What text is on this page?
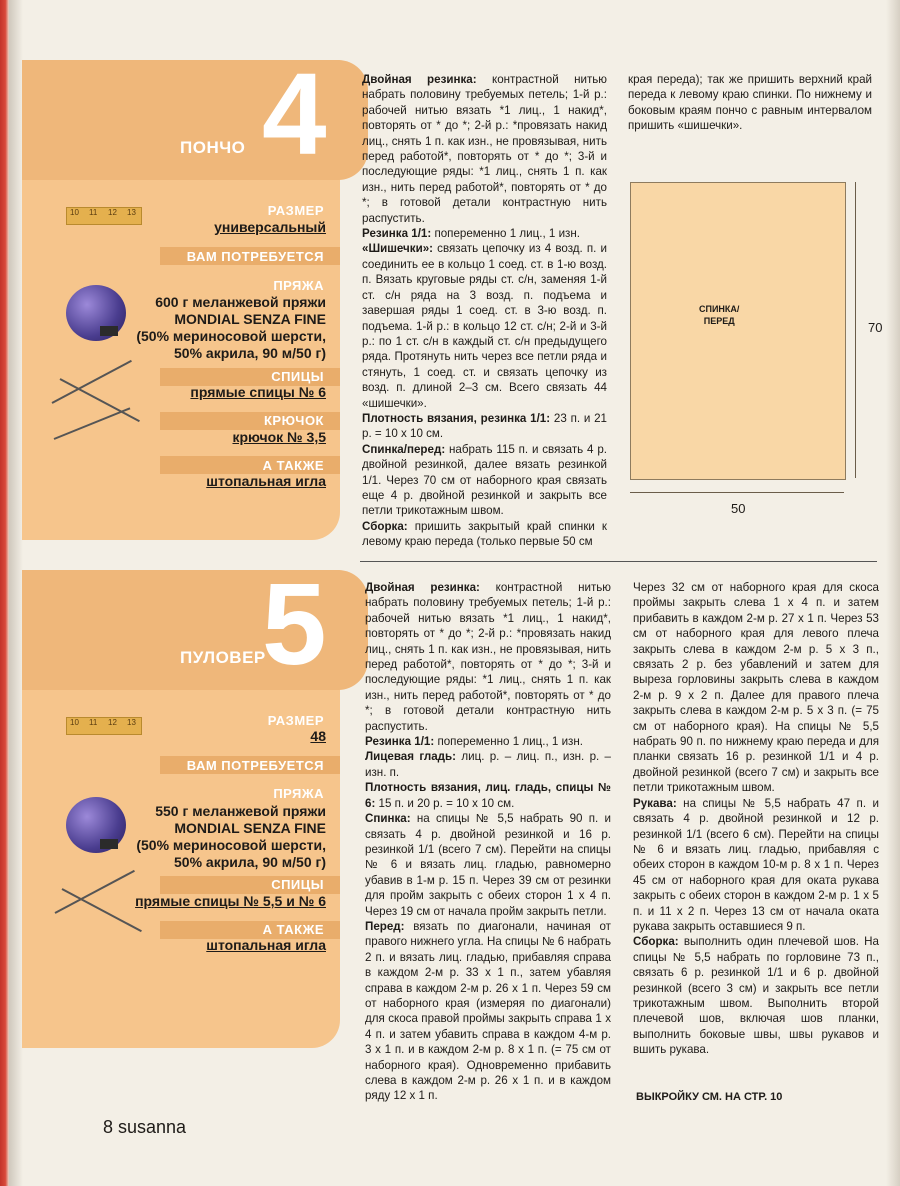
ПОНЧО 4
10 11 12 13	РАЗМЕР
универсальный
ВАМ ПОТРЕБУЕТСЯ
ПРЯЖА
600 г меланжевой пряжи
MONDIAL SENZA FINE
(50% мериносовой шерсти,
50% акрила, 90 м/50 г)
СПИЦЫ
прямые спицы № 6
КРЮЧОК
крючок № 3,5
А ТАКЖЕ
штопальная игла

Двойная резинка: контрастной нитью набрать половину требуемых петель; 1-й р.: рабочей нитью вязать *1 лиц., 1 накид*, повторять от * до *; 2-й р.: *провязать накид лиц., снять 1 п. как изн., не провязывая, нить перед работой*, повторять от * до *; 3-й и последующие ряды: *1 лиц., снять 1 п. как изн., нить перед работой*, повторять от * до *; в готовой детали контрастную нить распустить.

Резинка 1/1: попеременно 1 лиц., 1 изн.

«Шишечки»: связать цепочку из 4 возд. п. и соединить ее в кольцо 1 соед. ст. в 1-ю возд. п. Вязать круговые ряды ст. с/н, заменяя 1-й ст. с/н ряда на 3 возд. п. подъема и завершая ряды 1 соед. ст. в 3-ю возд. п. подъема. 1-й р.: в кольцо 12 ст. с/н; 2-й и 3-й р.: по 1 ст. с/н в каждый ст. с/н предыдущего ряда. Протянуть нить через все петли ряда и стянуть, 1 соед. ст. и связать цепочку из возд. п. длиной 2–3 см. Всего связать 44 «шишечки».

Плотность вязания, резинка 1/1: 23 п. и 21 р. = 10 х 10 см.

Спинка/перед: набрать 115 п. и связать 4 р. двойной резинкой, далее вязать резинкой 1/1. Через 70 см от наборного края связать еще 4 р. двойной резинкой и закрыть все петли трикотажным швом.

Сборка: пришить закрытый край спинки к левому краю переда (только первые 50 см

края переда); так же пришить верхний край переда к левому краю спинки. По нижнему и боковым краям пончо с равным интервалом пришить «шишечки».

СПИНКА/
ПЕРЕД	70
50
ПУЛОВЕР
5
10 11 12 13	РАЗМЕР
48
ВАМ ПОТРЕБУЕТСЯ
ПРЯЖА
550 г меланжевой пряжи
MONDIAL SENZA FINE
(50% мериносовой шерсти,
50% акрила, 90 м/50 г)
СПИЦЫ
прямые спицы № 5,5 и № 6
А ТАКЖЕ
штопальная игла

Двойная резинка: контрастной нитью набрать половину требуемых петель; 1-й р.: рабочей нитью вязать *1 лиц., 1 накид*, повторять от * до *; 2-й р.: *провязать накид лиц., снять 1 п. как изн., не провязывая, нить перед работой*, повторять от * до *; 3-й и последующие ряды: *1 лиц., снять 1 п. как изн., нить перед работой*, повторять от * до *; в готовой детали контрастную нить распустить.

Резинка 1/1: попеременно 1 лиц., 1 изн.

Лицевая гладь: лиц. р. – лиц. п., изн. р. – изн. п.

Плотность вязания, лиц. гладь, спицы № 6: 15 п. и 20 р. = 10 х 10 см.

Спинка: на спицы № 5,5 набрать 90 п. и связать 4 р. двойной резинкой и 16 р. резинкой 1/1 (всего 7 см). Перейти на спицы № 6 и вязать лиц. гладью, равномерно убавив в 1-м р. 15 п. Через 39 см от резинки для пройм закрыть с обеих сторон 1 х 4 п. Через 19 см от начала пройм закрыть петли.

Перед: вязать по диагонали, начиная от правого нижнего угла. На спицы № 6 набрать 2 п. и вязать лиц. гладью, прибавляя справа в каждом 2-м р. 33 х 1 п., затем убавляя справа в каждом 2-м р. 26 х 1 п. Через 59 см от наборного края (измеряя по диагонали) для скоса правой проймы закрыть справа 1 х 4 п. и затем убавить справа в каждом 4-м р. 3 х 1 п. и в каждом 2-м р. 8 х 1 п. (= 75 см от наборного края). Одновременно прибавить слева в каждом 2-м р. 26 х 1 п. и в каждом ряду 12 х 1 п.

Через 32 см от наборного края для скоса проймы закрыть слева 1 х 4 п. и затем прибавить в каждом 2-м р. 27 х 1 п. Через 53 см от наборного края для левого плеча закрыть слева в каждом 2-м р. 5 х 3 п., связать 2 р. без убавлений и затем для выреза горловины закрыть слева в каждом 2-м р. 9 х 2 п. Далее для правого плеча закрыть слева в каждом 2-м р. 5 х 3 п. (= 75 см от наборного края). На спицы № 5,5 набрать 90 п. по нижнему краю переда и для планки связать 16 р. резинкой 1/1 и 4 р. двойной резинкой (всего 7 см) и закрыть все петли трикотажным швом.

Рукава: на спицы № 5,5 набрать 47 п. и связать 4 р. двойной резинкой и 12 р. резинкой 1/1 (всего 6 см). Перейти на спицы № 6 и вязать лиц. гладью, прибавляя с обеих сторон в каждом 10-м р. 8 х 1 п. Через 45 см от наборного края для оката рукава закрыть с обеих сторон в каждом 2-м р. 1 х 5 п. и 11 х 2 п. Через 13 см от начала оката рукава закрыть оставшиеся 9 п.

Сборка: выполнить один плечевой шов. На спицы № 5,5 набрать по горловине 73 п., связать 6 р. резинкой 1/1 и 6 р. двойной резинкой (всего 3 см) и закрыть все петли трикотажным швом. Выполнить второй плечевой шов, включая шов планки, выполнить боковые швы, швы рукавов и вшить рукава.

ВЫКРОЙКУ СМ. НА СТР. 10
8 susanna
